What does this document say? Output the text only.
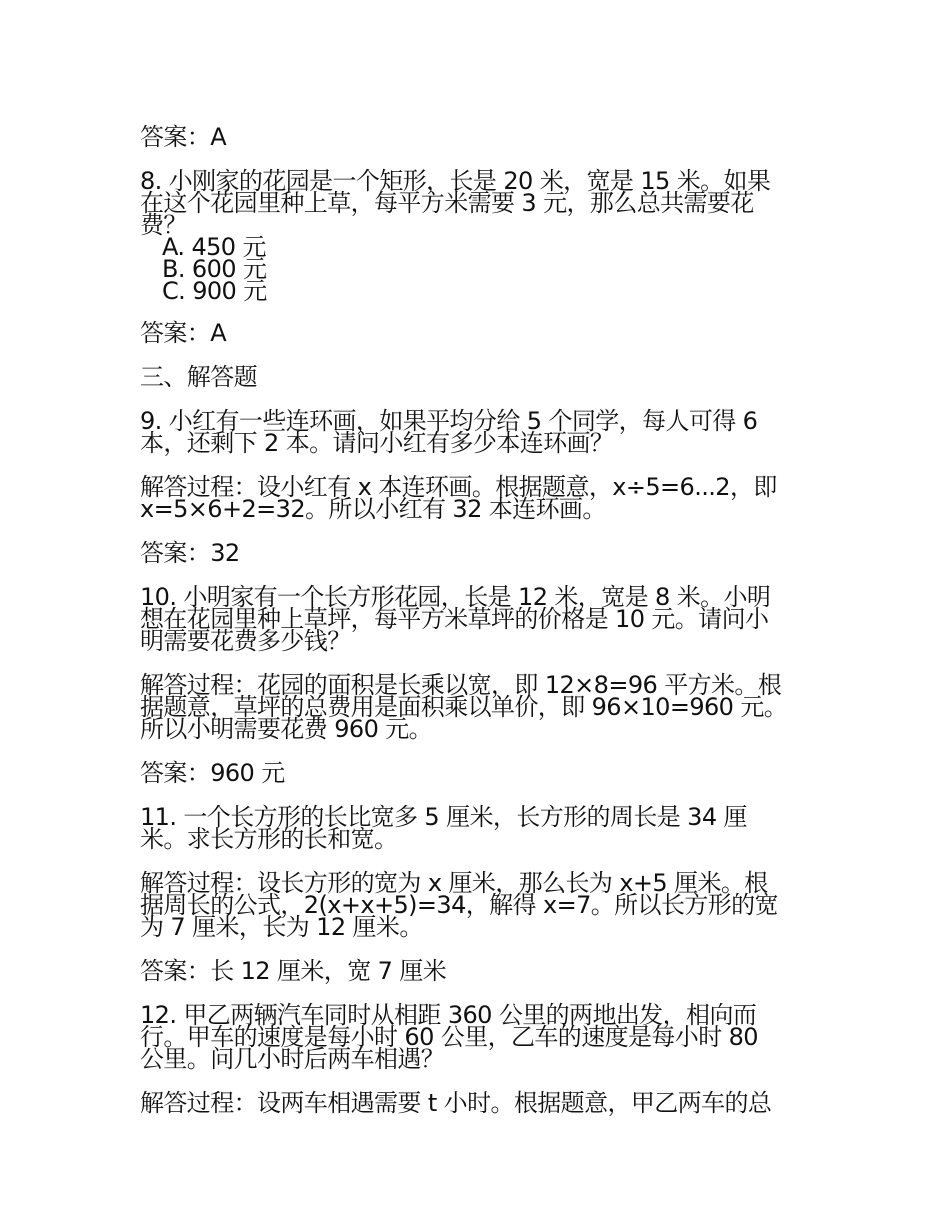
答案：A
8. 小刚家的花园是一个矩形，长是 20 米，宽是 15 米。如果
在这个花园里种上草，每平方米需要 3 元，那么总共需要花
费？
A. 450 元
B. 600 元
C. 900 元
答案：A
三、解答题
9. 小红有一些连环画，如果平均分给 5 个同学，每人可得 6
本，还剩下 2 本。请问小红有多少本连环画？
解答过程：设小红有 x 本连环画。根据题意，x÷5=6...2，即
x=5×6+2=32。所以小红有 32 本连环画。
答案：32
10. 小明家有一个长方形花园，长是 12 米，宽是 8 米。小明
想在花园里种上草坪，每平方米草坪的价格是 10 元。请问小
明需要花费多少钱？
解答过程：花园的面积是长乘以宽，即 12×8=96 平方米。根
据题意，草坪的总费用是面积乘以单价，即 96×10=960 元。
所以小明需要花费 960 元。
答案：960 元
11. 一个长方形的长比宽多 5 厘米，长方形的周长是 34 厘
米。求长方形的长和宽。
解答过程：设长方形的宽为 x 厘米，那么长为 x+5 厘米。根
据周长的公式，2(x+x+5)=34，解得 x=7。所以长方形的宽
为 7 厘米，长为 12 厘米。
答案：长 12 厘米，宽 7 厘米
12. 甲乙两辆汽车同时从相距 360 公里的两地出发，相向而
行。甲车的速度是每小时 60 公里，乙车的速度是每小时 80
公里。问几小时后两车相遇？
解答过程：设两车相遇需要 t 小时。根据题意，甲乙两车的总
